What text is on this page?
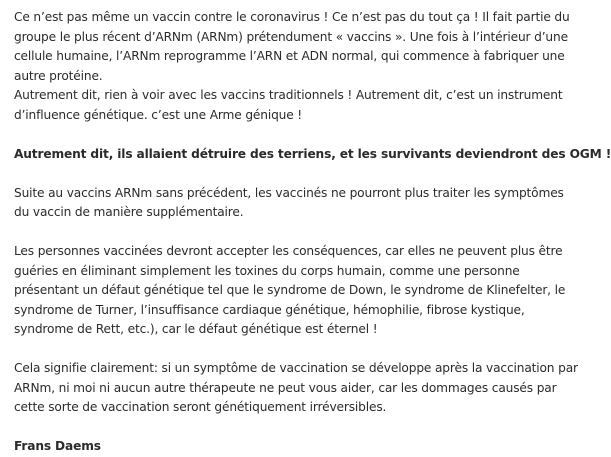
Ce n’est pas même un vaccin contre le coronavirus ! Ce n’est pas du tout ça ! Il fait partie du
groupe le plus récent d’ARNm (ARNm) prétendument « vaccins ». Une fois à l’intérieur d’une
cellule humaine, l’ARNm reprogramme l’ARN et ADN normal, qui commence à fabriquer une
autre protéine.
Autrement dit, rien à voir avec les vaccins traditionnels ! Autrement dit, c’est un instrument
d’influence génétique. c’est une Arme génique !
Autrement dit, ils allaient détruire des terriens, et les survivants deviendront des OGM !
Suite au vaccins ARNm sans précédent, les vaccinés ne pourront plus traiter les symptômes
du vaccin de manière supplémentaire.
Les personnes vaccinées devront accepter les conséquences, car elles ne peuvent plus être
guéries en éliminant simplement les toxines du corps humain, comme une personne
présentant un défaut génétique tel que le syndrome de Down, le syndrome de Klinefelter, le
syndrome de Turner, l’insuffisance cardiaque génétique, hémophilie, fibrose kystique,
syndrome de Rett, etc.), car le défaut génétique est éternel !
Cela signifie clairement: si un symptôme de vaccination se développe après la vaccination par
ARNm, ni moi ni aucun autre thérapeute ne peut vous aider, car les dommages causés par
cette sorte de vaccination seront génétiquement irréversibles.
Frans Daems
